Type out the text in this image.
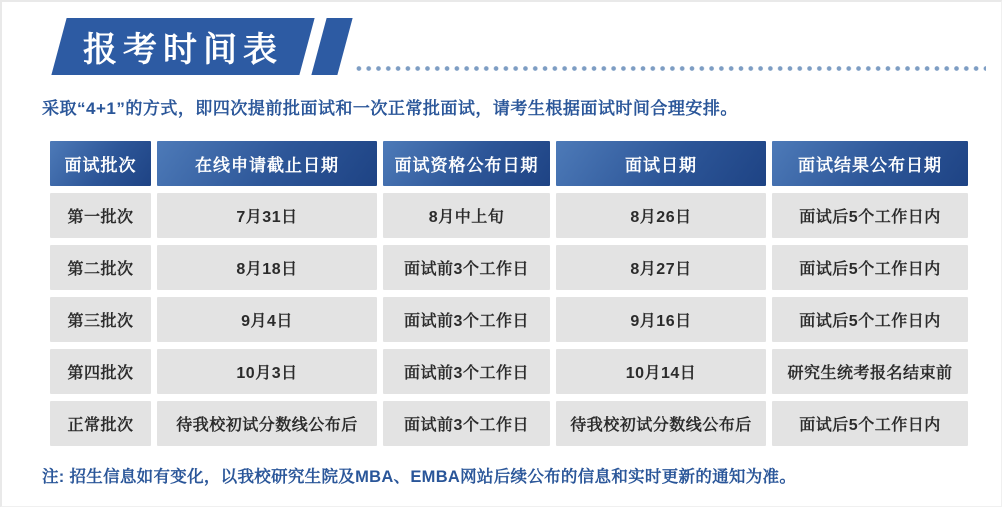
报考时间表

采取“4+1”的方式，即四次提前批面试和一次正常批面试，请考生根据面试时间合理安排。

面试批次	在线申请截止日期	面试资格公布日期	面试日期	面试结果公布日期
第一批次	7月31日	8月中上旬	8月26日	面试后5个工作日内
第二批次	8月18日	面试前3个工作日	8月27日	面试后5个工作日内
第三批次	9月4日	面试前3个工作日	9月16日	面试后5个工作日内
第四批次	10月3日	面试前3个工作日	10月14日	研究生统考报名结束前
正常批次	待我校初试分数线公布后	面试前3个工作日	待我校初试分数线公布后	面试后5个工作日内

注: 招生信息如有变化，以我校研究生院及MBA、EMBA网站后续公布的信息和实时更新的通知为准。
